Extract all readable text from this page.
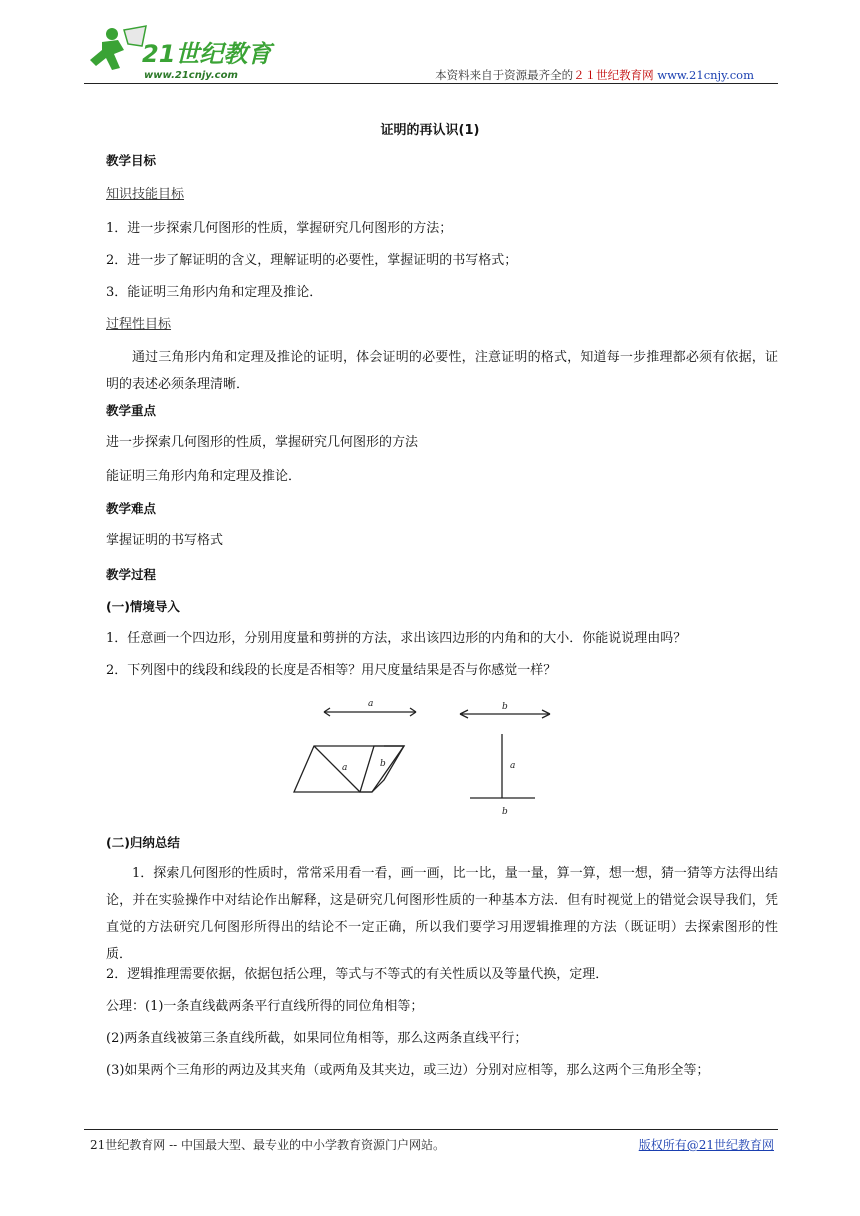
21世纪教育
www.21cnjy.com	本资料来自于资源最齐全的２１世纪教育网 www.21cnjy.com
证明的再认识(1)
教学目标
知识技能目标
1．进一步探索几何图形的性质，掌握研究几何图形的方法；
2．进一步了解证明的含义，理解证明的必要性，掌握证明的书写格式；
3．能证明三角形内角和定理及推论．
过程性目标
通过三角形内角和定理及推论的证明，体会证明的必要性，注意证明的格式，知道每一步推理都必须有依据，证明的表述必须条理清晰．
教学重点
进一步探索几何图形的性质，掌握研究几何图形的方法
能证明三角形内角和定理及推论．
教学难点
掌握证明的书写格式
教学过程
(一)情境导入
1．任意画一个四边形，分别用度量和剪拼的方法，求出该四边形的内角和的大小．你能说说理由吗？
2．下列图中的线段和线段的长度是否相等？用尺度量结果是否与你感觉一样？
a	b
a	b	a
b
(二)归纳总结
1．探索几何图形的性质时，常常采用看一看，画一画，比一比，量一量，算一算，想一想，猜一猜等方法得出结论，并在实验操作中对结论作出解释，这是研究几何图形性质的一种基本方法．但有时视觉上的错觉会误导我们，凭直觉的方法研究几何图形所得出的结论不一定正确，所以我们要学习用逻辑推理的方法（既证明）去探索图形的性质．
2．逻辑推理需要依据，依据包括公理，等式与不等式的有关性质以及等量代换，定理．
公理：(1)一条直线截两条平行直线所得的同位角相等；
(2)两条直线被第三条直线所截，如果同位角相等，那么这两条直线平行；
(3)如果两个三角形的两边及其夹角（或两角及其夹边，或三边）分别对应相等，那么这两个三角形全等；
21世纪教育网 -- 中国最大型、最专业的中小学教育资源门户网站。	版权所有@21世纪教育网
